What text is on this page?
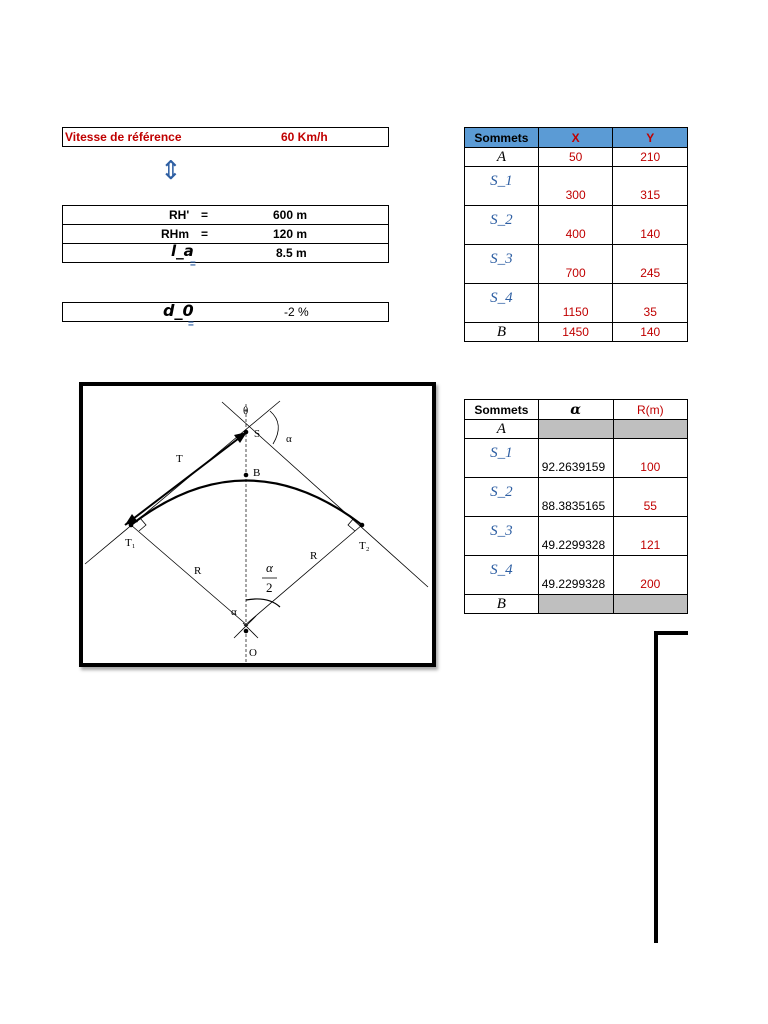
Vitesse de référence	60 Km/h
⇕
RH' =	600 m
RHm =	120 m
l_a	8.5 m
=
d_0	-2 %
=
Sommets	X	Y
A	50	210
S_1	300	315
S_2	400	140
S_3	700	245
S_4	1150	35
B	1450	140
θ
S α
T
B
T₁	T₂
R
R
α
2
α
O
Sommets	α	R(m)
A		
S_1	92.2639159	100
S_2	88.3835165	55
S_3	49.2299328	121
S_4	49.2299328	200
B		
